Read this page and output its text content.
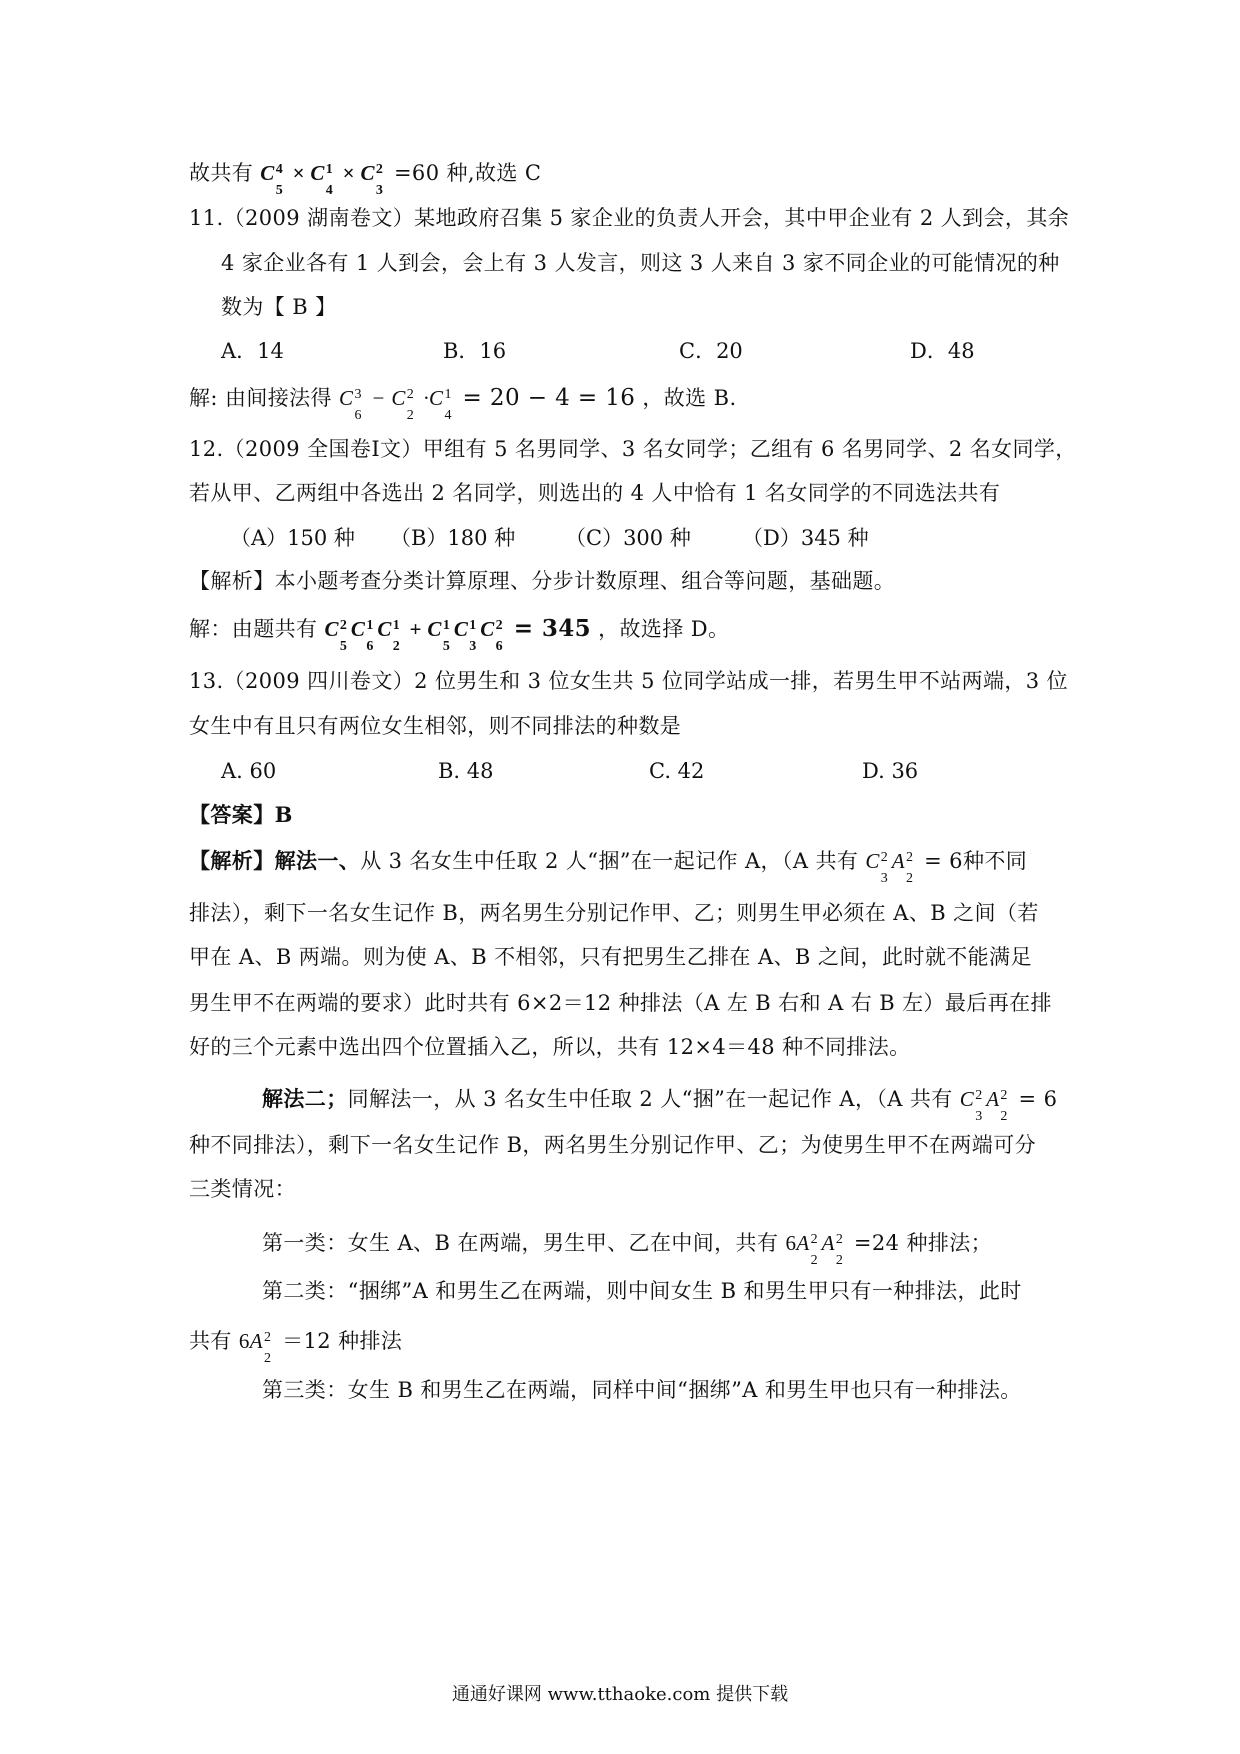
故共有 C 4
5
× C 1
4
× C 2
3
=60 种,故选 C
11.（2009 湖南卷文）某地政府召集 5 家企业的负责人开会，其中甲企业有 2 人到会，其余
4 家企业各有 1 人到会，会上有 3 人发言，则这 3 人来自 3 家不同企业的可能情况的种
数为【 B 】
A．14	B．16	C．20	D．48
解: 由间接法得 C 3
6
− C 2
2
·C 1
4
= 20 − 4 = 16 ，故选 B.
12.（2009 全国卷Ⅰ文）甲组有 5 名男同学、3 名女同学；乙组有 6 名男同学、2 名女同学，
若从甲、乙两组中各选出 2 名同学，则选出的 4 人中恰有 1 名女同学的不同选法共有
（A）150 种 （B）180 种 （C）300 种 （D）345 种
【解析】本小题考查分类计算原理、分步计数原理、组合等问题，基础题。
解：由题共有 C 2
5
C 1
6
C 1
2
+ C 1
5
C 1
3
C 2
6
= 345 ，故选择 D。
13.（2009 四川卷文）2 位男生和 3 位女生共 5 位同学站成一排，若男生甲不站两端，3 位
女生中有且只有两位女生相邻，则不同排法的种数是
A. 60	B. 48	C. 42	D. 36
【答案】B
【解析】解法一、从 3 名女生中任取 2 人“捆”在一起记作 A，（A 共有 C 2
3
A 2
2
= 6种不同
排法），剩下一名女生记作 B，两名男生分别记作甲、乙；则男生甲必须在 A、B 之间（若
甲在 A、B 两端。则为使 A、B 不相邻，只有把男生乙排在 A、B 之间，此时就不能满足
男生甲不在两端的要求）此时共有 6×2＝12 种排法（A 左 B 右和 A 右 B 左）最后再在排
好的三个元素中选出四个位置插入乙，所以，共有 12×4＝48 种不同排法。
解法二；同解法一，从 3 名女生中任取 2 人“捆”在一起记作 A，（A 共有 C 2
3
A 2
2
= 6
种不同排法），剩下一名女生记作 B，两名男生分别记作甲、乙；为使男生甲不在两端可分
三类情况：
第一类：女生 A、B 在两端，男生甲、乙在中间，共有 6A 2
2
A 2
2
=24 种排法；
第二类：“捆绑”A 和男生乙在两端，则中间女生 B 和男生甲只有一种排法，此时
共有 6A 2
2
＝12 种排法
第三类：女生 B 和男生乙在两端，同样中间“捆绑”A 和男生甲也只有一种排法。
通通好课网 www.tthaoke.com 提供下载
